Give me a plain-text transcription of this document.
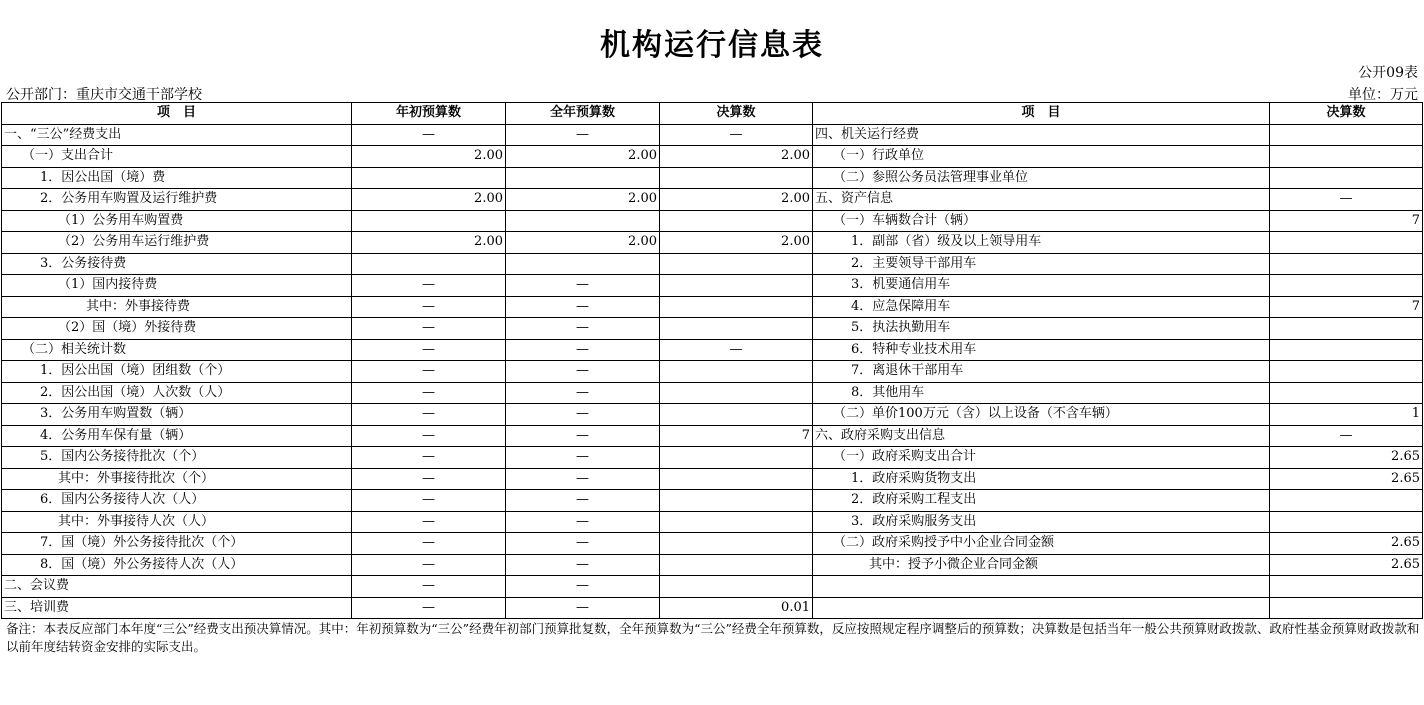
机构运行信息表
公开09表
公开部门：重庆市交通干部学校	单位：万元
项　目	年初预算数	全年预算数	决算数	项　目	决算数
一、“三公”经费支出	—	—	—	四、机关运行经费	
（一）支出合计	2.00	2.00	2.00	（一）行政单位	
1．因公出国（境）费				（二）参照公务员法管理事业单位	
2．公务用车购置及运行维护费	2.00	2.00	2.00	五、资产信息	—
（1）公务用车购置费				（一）车辆数合计（辆）	7
（2）公务用车运行维护费	2.00	2.00	2.00	1．副部（省）级及以上领导用车	
3．公务接待费				2．主要领导干部用车	
（1）国内接待费	—	—		3．机要通信用车	
其中：外事接待费	—	—		4．应急保障用车	7
（2）国（境）外接待费	—	—		5．执法执勤用车	
（二）相关统计数	—	—	—	6．特种专业技术用车	
1．因公出国（境）团组数（个）	—	—		7．离退休干部用车	
2．因公出国（境）人次数（人）	—	—		8．其他用车	
3．公务用车购置数（辆）	—	—		（二）单价100万元（含）以上设备（不含车辆）	1
4．公务用车保有量（辆）	—	—	7	六、政府采购支出信息	—
5．国内公务接待批次（个）	—	—		（一）政府采购支出合计	2.65
其中：外事接待批次（个）	—	—		1．政府采购货物支出	2.65
6．国内公务接待人次（人）	—	—		2．政府采购工程支出	
其中：外事接待人次（人）	—	—		3．政府采购服务支出	
7．国（境）外公务接待批次（个）	—	—		（二）政府采购授予中小企业合同金额	2.65
8．国（境）外公务接待人次（人）	—	—		其中：授予小微企业合同金额	2.65
二、会议费	—	—			
三、培训费	—	—	0.01		
备注：本表反应部门本年度“三公”经费支出预决算情况。其中：年初预算数为“三公”经费年初部门预算批复数，全年预算数为“三公”经费全年预算数，反应按照规定程序调整后的预算数；决算数是包括当年一般公共预算财政拨款、政府性基金预算财政拨款和以前年度结转资金安排的实际支出。
